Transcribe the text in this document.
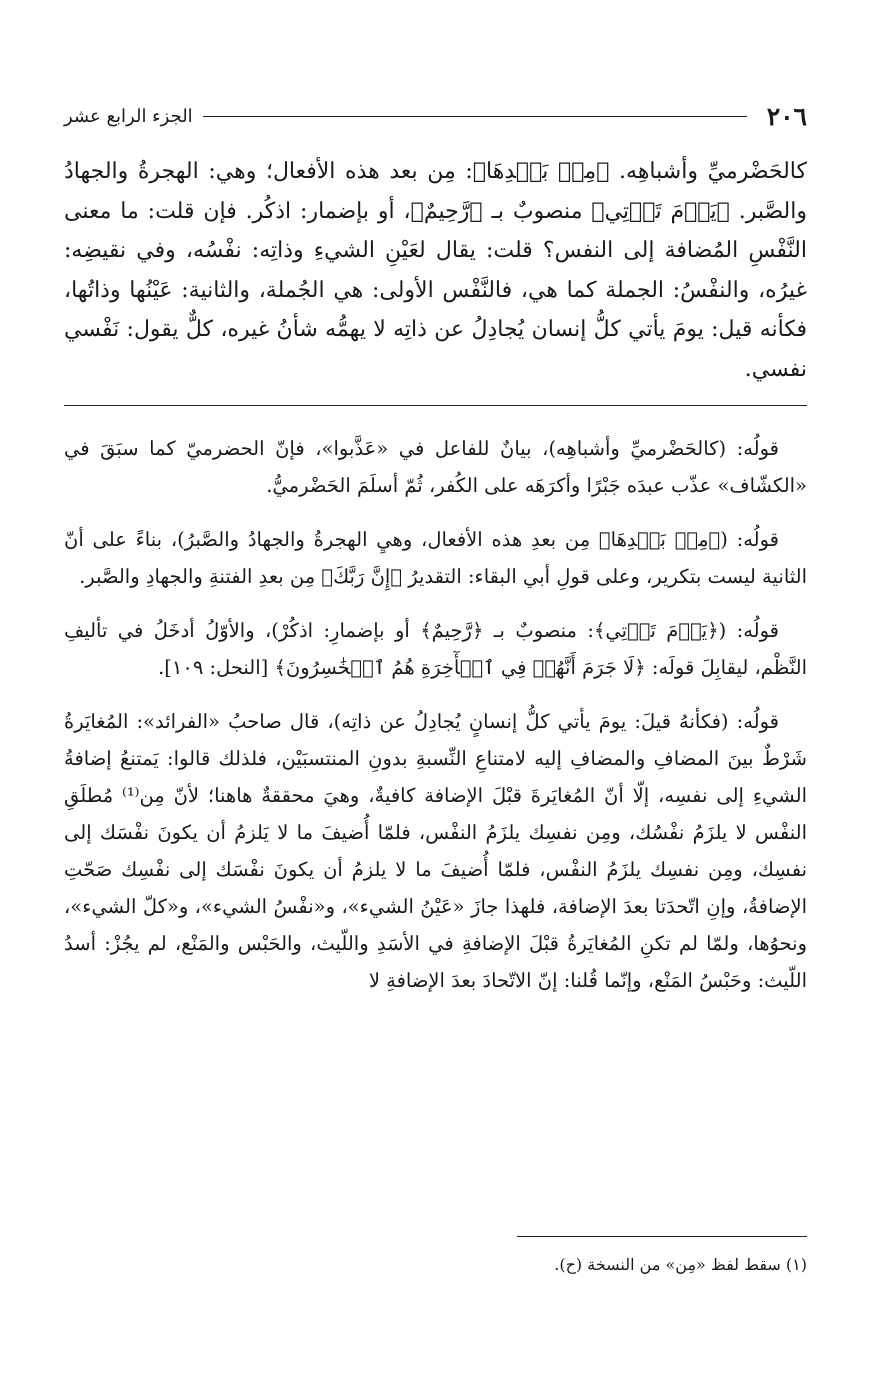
٢٠٦
الجزء الرابع عشر

كالحَضْرميِّ وأشباهِه. ﴿مِنۢ بَعۡدِهَا﴾: مِن بعد هذه الأفعال؛ وهي: الهجرةُ والجهادُ والصَّبر. ﴿يَوۡمَ تَأۡتِي﴾ منصوبٌ بـ ﴿رَّحِيمٌ﴾، أو بإضمار: اذكُر. فإن قلت: ما معنى النَّفْسِ المُضافة إلى النفس؟ قلت: يقال لعَيْنِ الشيءِ وذاتِه: نفْسُه، وفي نقيضِه: غيرُه، والنفْسُ: الجملة كما هي، فالنَّفْس الأولى: هي الجُملة، والثانية: عَيْنُها وذاتُها، فكأنه قيل: يومَ يأتي كلُّ إنسان يُجادِلُ عن ذاتِه لا يهمُّه شأنُ غيره، كلٌّ يقول: نَفْسي نفسي.

قولُه: (كالحَضْرميِّ وأشباهِه)، بيانٌ للفاعل في «عَذَّبوا»، فإنّ الحضرميّ كما سبَقَ في «الكشّاف» عذّب عبدَه جَبْرًا وأكرَهَه على الكُفر، ثُمّ أسلَمَ الحَضْرميُّ.

قولُه: (﴿مِنۢ بَعۡدِهَا﴾ مِن بعدِ هذه الأفعال، وهيِ الهجرةُ والجهادُ والصَّبرُ)، بناءً على أنّ الثانية ليست بتكرير، وعلى قولِ أبي البقاء: التقديرُ ﴿إِنَّ رَبَّكَ﴾ مِن بعدِ الفتنةِ والجهادِ والصَّبر.

قولُه: (﴿يَوۡمَ تَأۡتِي﴾: منصوبٌ بـ ﴿رَّحِيمٌ﴾ أو بإضمارِ: اذكُرْ)، والأوّلُ أدخَلُ في تأليفِ النَّظْم، ليقابِلَ قولَه: ﴿لَا جَرَمَ أَنَّهُمۡ فِي ٱلۡأٓخِرَةِ هُمُ ٱلۡخَٰسِرُونَ﴾ [النحل: ١٠٩].

قولُه: (فكأنهُ قيلَ: يومَ يأتي كلُّ إنسانٍ يُجادِلُ عن ذاتِه)، قال صاحبُ «الفرائد»: المُغايَرةُ شَرْطٌ بينَ المضافِ والمضافِ إليه لامتناعِ النِّسبةِ بدونِ المنتسبَيْن، فلذلك قالوا: يَمتنعُ إضافةُ الشيءِ إلى نفسِه، إلّا أنّ المُغايَرةَ قبْلَ الإضافة كافيةٌ، وهيَ محققةٌ هاهنا؛ لأنّ مِن⁽¹⁾ مُطلَقِ النفْس لا يلزَمُ نفْسُك، ومِن نفسِك يلزَمُ النفْس، فلمّا أُضيفَ ما لا يَلزمُ أن يكونَ نفْسَك إلى نفسِك، ومِن نفسِك يلزَمُ النفْس، فلمّا أُضيفَ ما لا يلزمُ أن يكونَ نفْسَك إلى نفْسِك صَحّتِ الإضافةُ، وإنِ اتّحدَتا بعدَ الإضافة، فلهذا جازَ «عَيْنُ الشيء»، و«نفْسُ الشيء»، و«كلّ الشيء»، ونحوُها، ولمّا لم تكنِ المُغايَرةُ قبْلَ الإضافةِ في الأسَدِ واللّيث، والحَبْس والمَنْع، لم يجُزْ: أسدُ اللّيث: وحَبْسُ المَنْع، وإنّما قُلنا: إنّ الاتّحادَ بعدَ الإضافةِ لا

(١) سقط لفظ «مِن» من النسخة (ح).
